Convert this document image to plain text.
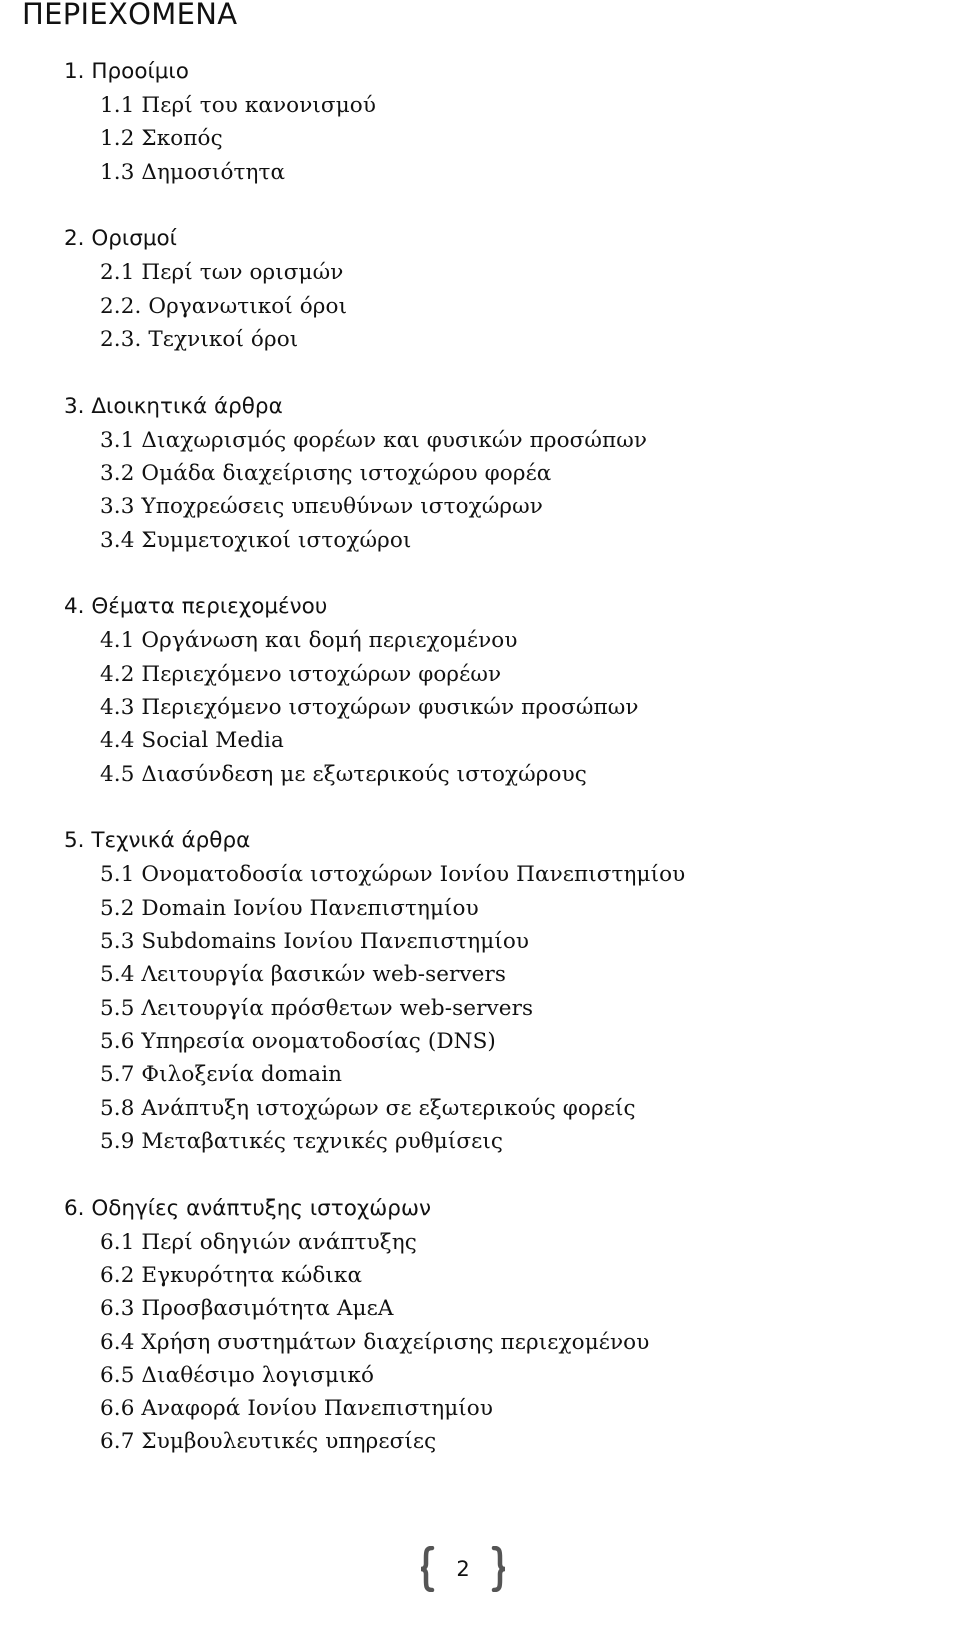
ΠΕΡΙΕΧΟΜΕΝΑ
1. Προοίμιο
1.1 Περί του κανονισμού
1.2 Σκοπός
1.3 Δημοσιότητα
2. Ορισμοί
2.1 Περί των ορισμών
2.2. Οργανωτικοί όροι
2.3. Τεχνικοί όροι
3. Διοικητικά άρθρα
3.1 Διαχωρισμός φορέων και φυσικών προσώπων
3.2 Ομάδα διαχείρισης ιστοχώρου φορέα
3.3 Υποχρεώσεις υπευθύνων ιστοχώρων
3.4 Συμμετοχικοί ιστοχώροι
4. Θέματα περιεχομένου
4.1 Οργάνωση και δομή περιεχομένου
4.2 Περιεχόμενο ιστοχώρων φορέων
4.3 Περιεχόμενο ιστοχώρων φυσικών προσώπων
4.4 Social Media
4.5 Διασύνδεση με εξωτερικούς ιστοχώρους
5. Τεχνικά άρθρα
5.1 Ονοματοδοσία ιστοχώρων Ιονίου Πανεπιστημίου
5.2 Domain Ιονίου Πανεπιστημίου
5.3 Subdomains Ιονίου Πανεπιστημίου
5.4 Λειτουργία βασικών web-servers
5.5 Λειτουργία πρόσθετων web-servers
5.6 Υπηρεσία ονοματοδοσίας (DNS)
5.7 Φιλοξενία domain
5.8 Ανάπτυξη ιστοχώρων σε εξωτερικούς φορείς
5.9 Μεταβατικές τεχνικές ρυθμίσεις
6. Οδηγίες ανάπτυξης ιστοχώρων
6.1 Περί οδηγιών ανάπτυξης
6.2 Εγκυρότητα κώδικα
6.3 Προσβασιμότητα ΑμεΑ
6.4 Χρήση συστημάτων διαχείρισης περιεχομένου
6.5 Διαθέσιμο λογισμικό
6.6 Αναφορά Ιονίου Πανεπιστημίου
6.7 Συμβουλευτικές υπηρεσίες
2
